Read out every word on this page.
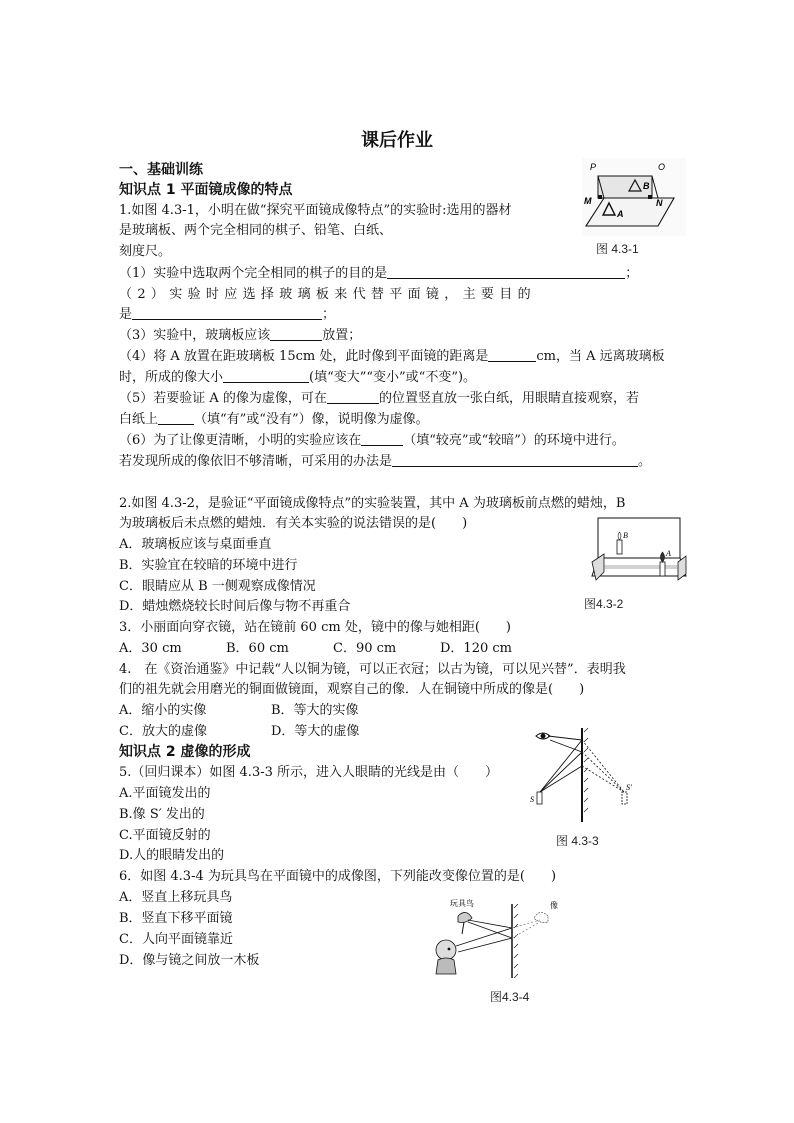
课后作业
一、基础训练
知识点 1 平面镜成像的特点
1.如图 4.3-1，小明在做“探究平面镜成像特点”的实验时:选用的器材
是玻璃板、两个完全相同的棋子、铅笔、白纸、
刻度尺。
（1）实验中选取两个完全相同的棋子的目的是	；
（ 2 ） 实 验 时 应 选 择 玻 璃 板 来 代 替 平 面 镜 ， 主 要 目 的
是	；
（3）实验中，玻璃板应该	放置；
（4）将 A 放置在距玻璃板 15cm 处，此时像到平面镜的距离是	cm，当 A 远离玻璃板
时，所成的像大小	(填“变大”“变小”或“不变”)。
（5）若要验证 A 的像为虚像，可在	的位置竖直放一张白纸，用眼睛直接观察，若
白纸上	（填“有”或“没有”）像，说明像为虚像。
（6）为了让像更清晰，小明的实验应该在	（填“较亮”或“较暗”）的环境中进行。
若发现所成的像依旧不够清晰，可采用的办法是	。
P	O
M	N
B
A
图 4.3-1
2.如图 4.3-2，是验证“平面镜成像特点”的实验装置，其中 A 为玻璃板前点燃的蜡烛，B
为玻璃板后未点燃的蜡烛．有关本实验的说法错误的是(　　)
A．玻璃板应该与桌面垂直
B．实验宜在较暗的环境中进行
C．眼睛应从 B 一侧观察成像情况
D．蜡烛燃烧较长时间后像与物不再重合
B
A
图4.3-2
3．小丽面向穿衣镜，站在镜前 60 cm 处，镜中的像与她相距(　　)
A．30 cm	B．60 cm	C．90 cm	D．120 cm
4.　在《资治通鉴》中记载“人以铜为镜，可以正衣冠；以古为镜，可以见兴替”．表明我
们的祖先就会用磨光的铜面做镜面，观察自己的像．人在铜镜中所成的像是(　　)
A．缩小的实像	B．等大的实像
C．放大的虚像	D．等大的虚像
知识点 2 虚像的形成
5.（回归课本）如图 4.3-3 所示，进入人眼睛的光线是由（　　）
A.平面镜发出的
B.像 S′ 发出的
C.平面镜反射的
D.人的眼睛发出的
S
S′
图 4.3-3
6．如图 4.3-4 为玩具鸟在平面镜中的成像图，下列能改变像位置的是(　　)
A．竖直上移玩具鸟
B．竖直下移平面镜
C．人向平面镜靠近
D．像与镜之间放一木板
玩具鸟	像
图4.3-4
